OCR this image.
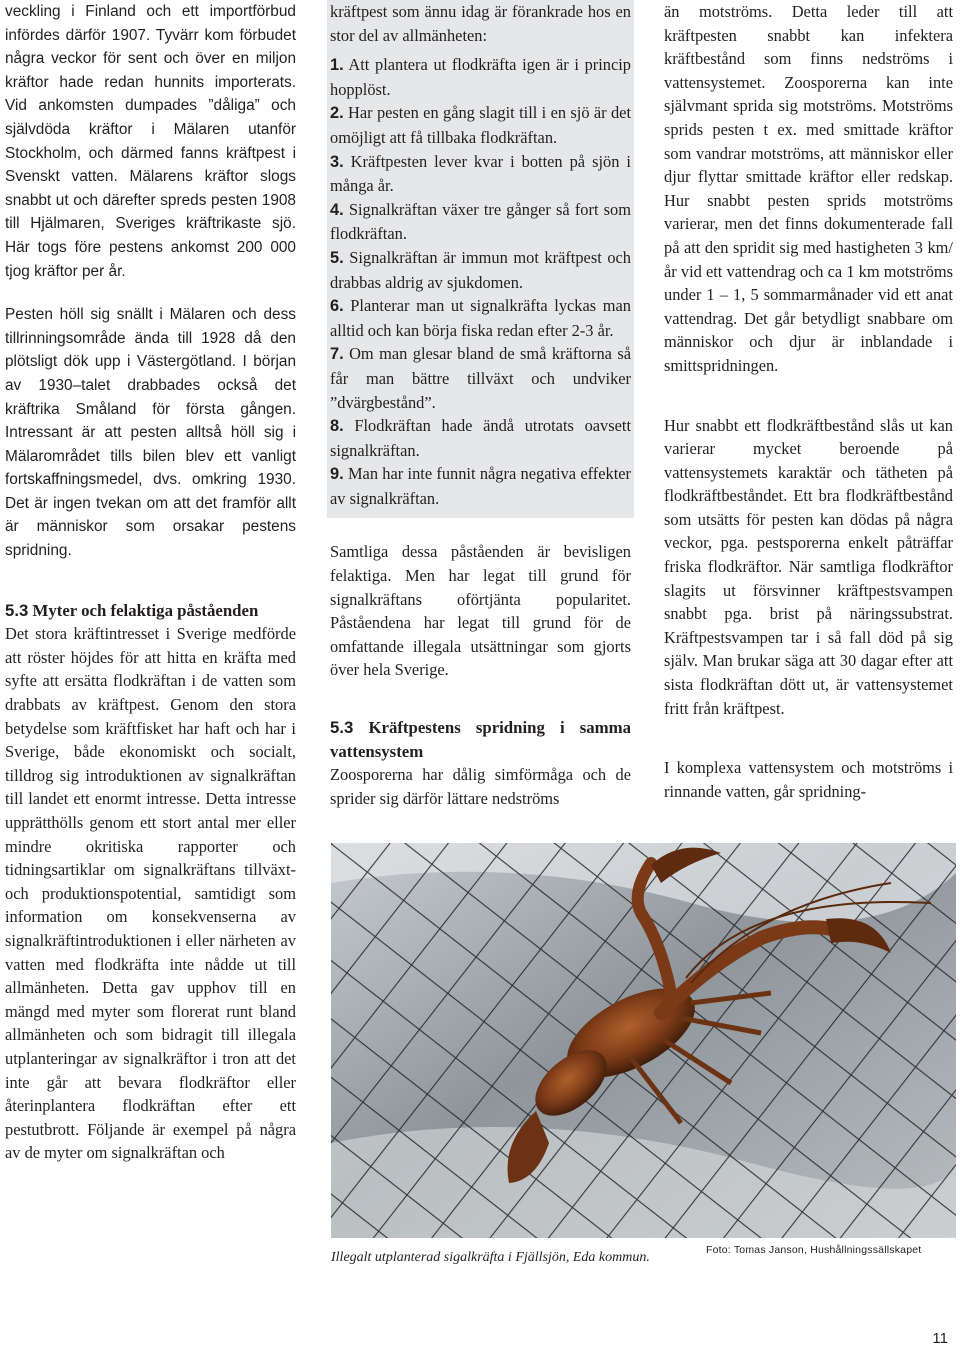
veckling i Finland och ett importförbud infördes därför 1907. Tyvärr kom förbudet några veckor för sent och över en miljon kräftor hade redan hunnits importerats. Vid ankomsten dumpades ”dåliga” och självdöda kräftor i Mälaren utanför Stockholm, och därmed fanns kräftpest i Svenskt vatten. Mälarens kräftor slogs snabbt ut och därefter spreds pesten 1908 till Hjälmaren, Sveriges kräftrikaste sjö. Här togs före pestens ankomst 200 000 tjog kräftor per år.

Pesten höll sig snällt i Mälaren och dess tillrinningsområde ända till 1928 då den plötsligt dök upp i Västergötland. I början av 1930–talet drabbades också det kräftrika Småland för första gången. Intressant är att pesten alltså höll sig i Mälarområdet tills bilen blev ett vanligt fortskaffningsmedel, dvs. omkring 1930. Det är ingen tvekan om att det framför allt är människor som orsakar pestens spridning.

5.3 Myter och felaktiga påståenden

Det stora kräftintresset i Sverige medförde att röster höjdes för att hitta en kräfta med syfte att ersätta flodkräftan i de vatten som drabbats av kräftpest. Genom den stora betydelse som kräftfisket har haft och har i Sverige, både ekonomiskt och socialt, tilldrog sig introduktionen av signalkräftan till landet ett enormt intresse. Detta intresse upprätthölls genom ett stort antal mer eller mindre okritiska rapporter och tidningsartiklar om signalkräftans tillväxt- och produktionspotential, samtidigt som information om konsekvenserna av signalkräftintroduktionen i eller närheten av vatten med flodkräfta inte nådde ut till allmänheten. Detta gav upphov till en mängd med myter som florerat runt bland allmänheten och som bidragit till illegala utplanteringar av signalkräftor i tron att det inte går att bevara flodkräftor eller återinplantera flodkräftan efter ett pestutbrott. Följande är exempel på några av de myter om signalkräftan och

kräftpest som ännu idag är förankrade hos en stor del av allmänheten:

1. Att plantera ut flodkräfta igen är i princip hopplöst.

2. Har pesten en gång slagit till i en sjö är det omöjligt att få tillbaka flodkräftan.

3. Kräftpesten lever kvar i botten på sjön i många år.

4. Signalkräftan växer tre gånger så fort som flodkräftan.

5. Signalkräftan är immun mot kräftpest och drabbas aldrig av sjukdomen.

6. Planterar man ut signalkräfta lyckas man alltid och kan börja fiska redan efter 2-3 år.

7. Om man glesar bland de små kräftorna så får man bättre tillväxt och undviker ”dvärgbestånd”.

8. Flodkräftan hade ändå utrotats oavsett signalkräftan.

9. Man har inte funnit några negativa effekter av signalkräftan.

Samtliga dessa påståenden är bevisligen felaktiga. Men har legat till grund för signalkräftans oförtjänta popularitet. Påståendena har legat till grund för de omfattande illegala utsättningar som gjorts över hela Sverige.

5.3 Kräftpestens spridning i samma vattensystem

Zoosporerna har dålig simförmåga och de sprider sig därför lättare nedströms

än motströms. Detta leder till att kräftpesten snabbt kan infektera kräftbestånd som finns nedströms i vattensystemet. Zoosporerna kan inte självmant sprida sig motströms. Motströms sprids pesten t ex. med smittade kräftor som vandrar motströms, att människor eller djur flyttar smittade kräftor eller redskap. Hur snabbt pesten sprids motströms varierar, men det finns dokumenterade fall på att den spridit sig med hastigheten 3 km/år vid ett vattendrag och ca 1 km motströms under 1 – 1, 5 sommarmånader vid ett anat vattendrag. Det går betydligt snabbare om människor och djur är inblandade i smittspridningen.

Hur snabbt ett flodkräftbestånd slås ut kan varierar mycket beroende på vattensystemets karaktär och tätheten på flodkräftbeståndet. Ett bra flodkräftbestånd som utsätts för pesten kan dödas på några veckor, pga. pestsporerna enkelt påträffar friska flodkräftor. När samtliga flodkräftor slagits ut försvinner kräftpestsvampen snabbt pga. brist på näringssubstrat. Kräftpestsvampen tar i så fall död på sig själv. Man brukar säga att 30 dagar efter att sista flodkräftan dött ut, är vattensystemet fritt från kräftpest.

I komplexa vattensystem och motströms i rinnande vatten, går spridning-

Illegalt utplanterad sigalkräfta i Fjällsjön, Eda kommun.	Foto: Tomas Janson, Hushållningssällskapet
11
